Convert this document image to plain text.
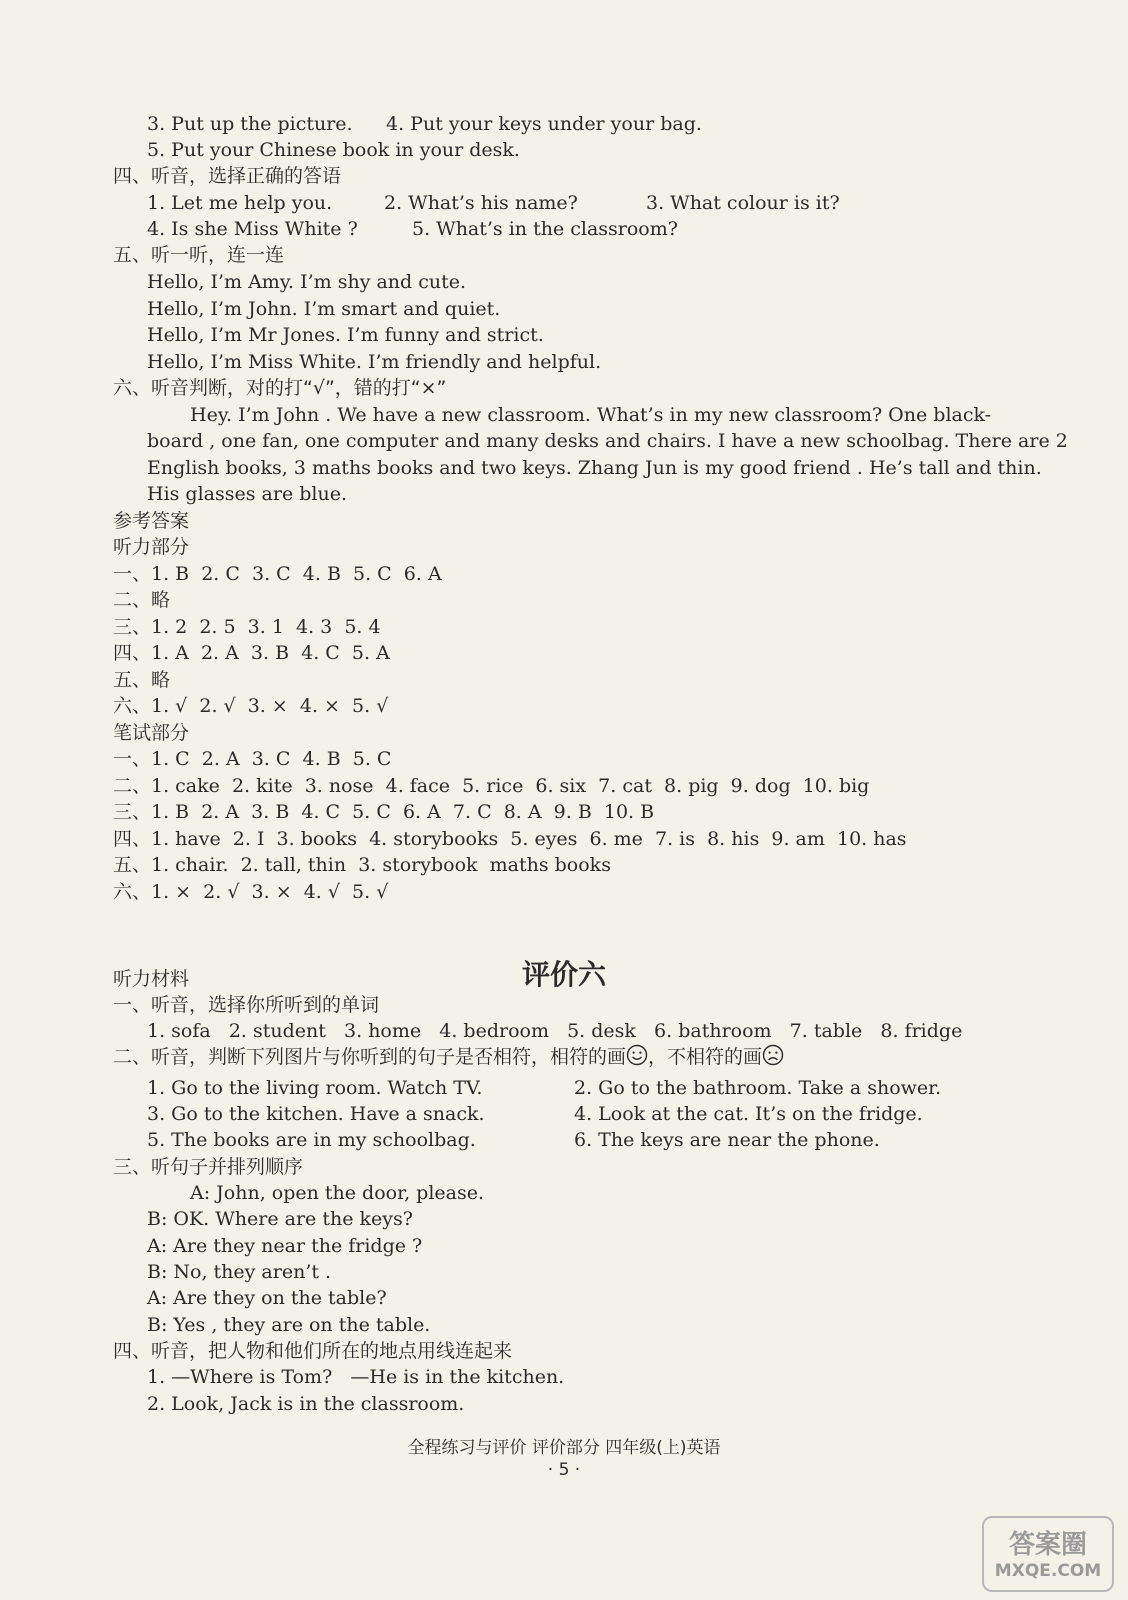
3. Put up the picture. 4. Put your keys under your bag.
5. Put your Chinese book in your desk.
四、听音，选择正确的答语
1. Let me help you.	2. What’s his name?	3. What colour is it?
4. Is she Miss White ?	5. What’s in the classroom?
五、听一听，连一连
Hello, I’m Amy. I’m shy and cute.
Hello, I’m John. I’m smart and quiet.
Hello, I’m Mr Jones. I’m funny and strict.
Hello, I’m Miss White. I’m friendly and helpful.
六、听音判断，对的打“√”，错的打“×”
Hey. I’m John . We have a new classroom. What’s in my new classroom? One black-
board , one fan, one computer and many desks and chairs. I have a new schoolbag. There are 2
English books, 3 maths books and two keys. Zhang Jun is my good friend . He’s tall and thin.
His glasses are blue.
参考答案
听力部分
一、1. B  2. C  3. C  4. B  5. C  6. A
二、略
三、1. 2  2. 5  3. 1  4. 3  5. 4
四、1. A  2. A  3. B  4. C  5. A
五、略
六、1. √  2. √  3. ×  4. ×  5. √
笔试部分
一、1. C  2. A  3. C  4. B  5. C
二、1. cake  2. kite  3. nose  4. face  5. rice  6. six  7. cat  8. pig  9. dog  10. big
三、1. B  2. A  3. B  4. C  5. C  6. A  7. C  8. A  9. B  10. B
四、1. have  2. I  3. books  4. storybooks  5. eyes  6. me  7. is  8. his  9. am  10. has
五、1. chair.  2. tall, thin  3. storybook  maths books
六、1. ×  2. √  3. ×  4. √  5. √
评价六
听力材料
一、听音，选择你所听到的单词
1. sofa   2. student   3. home   4. bedroom   5. desk   6. bathroom   7. table   8. fridge
二、听音，判断下列图片与你听到的句子是否相符，相符的画 ，不相符的画
1. Go to the living room. Watch TV.	2. Go to the bathroom. Take a shower.
3. Go to the kitchen. Have a snack.	4. Look at the cat. It’s on the fridge.
5. The books are in my schoolbag.	6. The keys are near the phone.
三、听句子并排列顺序
A: John, open the door, please.
B: OK. Where are the keys?
A: Are they near the fridge ?
B: No, they aren’t .
A: Are they on the table?
B: Yes , they are on the table.
四、听音，把人物和他们所在的地点用线连起来
1. —Where is Tom?   —He is in the kitchen.
2. Look, Jack is in the classroom.
全程练习与评价 评价部分 四年级(上)英语
· 5 ·
答案圈
MXQE.COM
